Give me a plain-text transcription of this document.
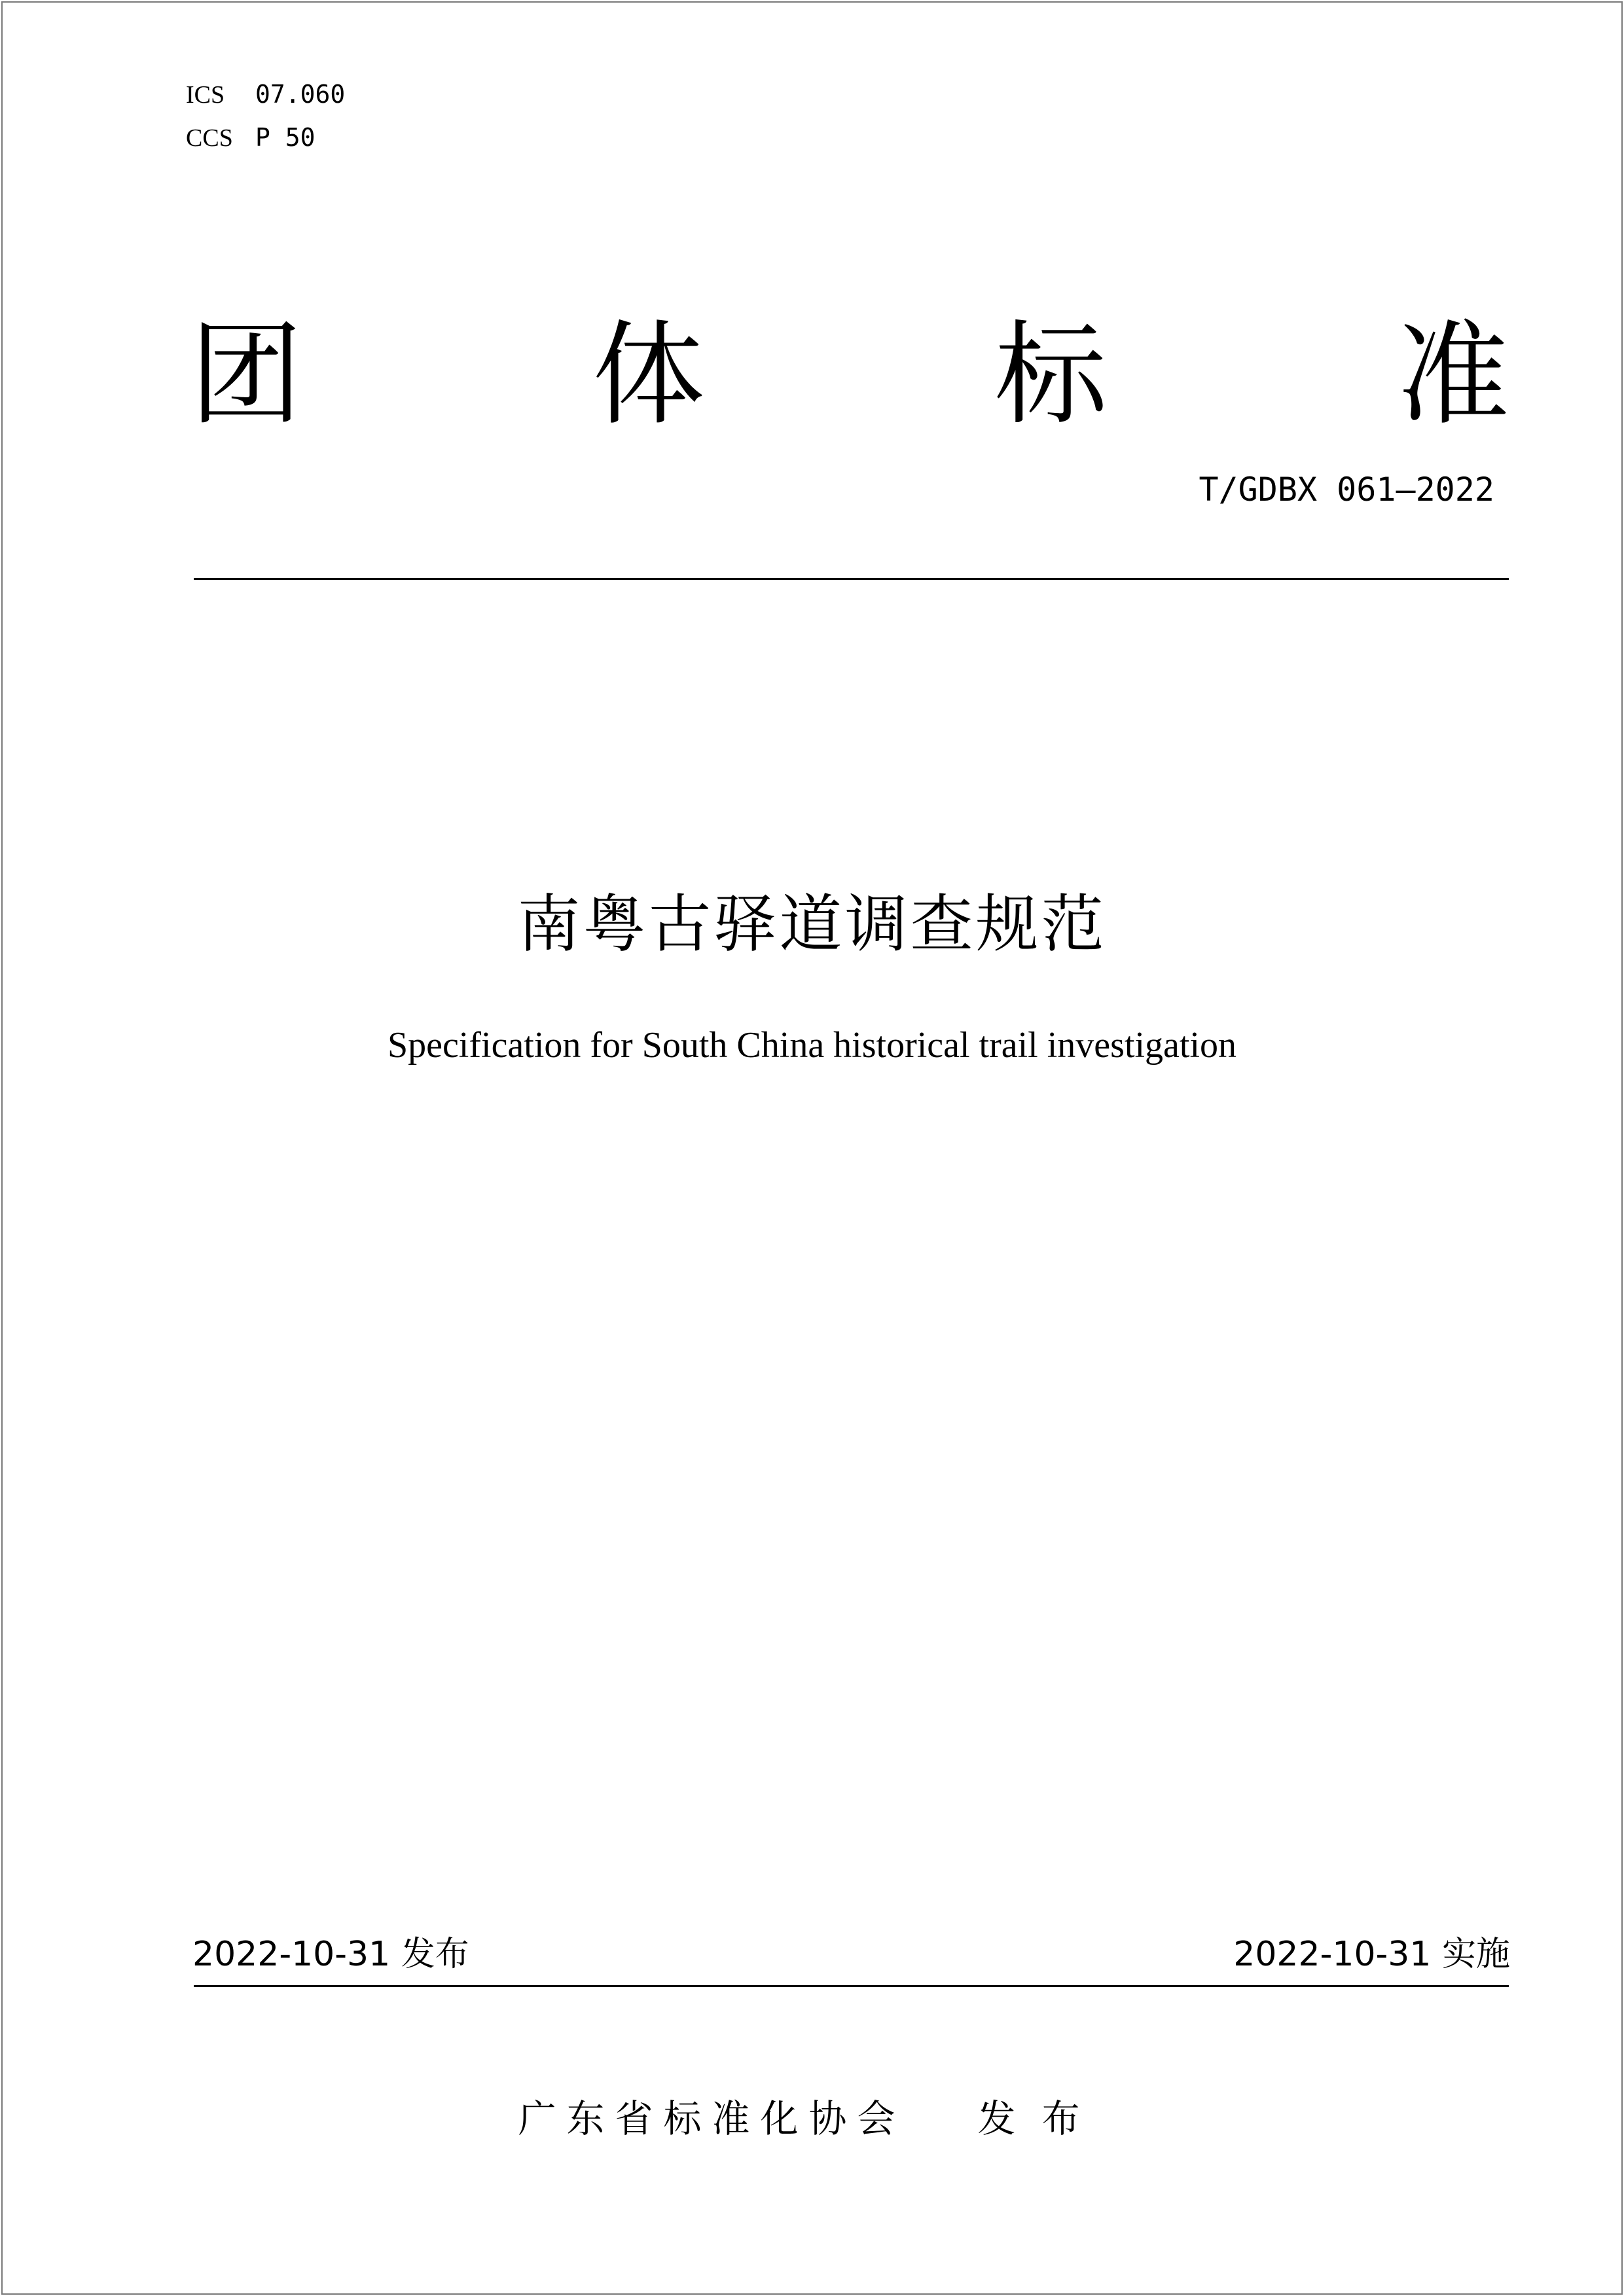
ICS 07.060
CCS P 50
团	体	标	准
T/GDBX 061—2022
南粤古驿道调查规范
Specification for South China historical trail investigation
2022-10-31 发布	2022-10-31 实施
广东省标准化协会 发布
